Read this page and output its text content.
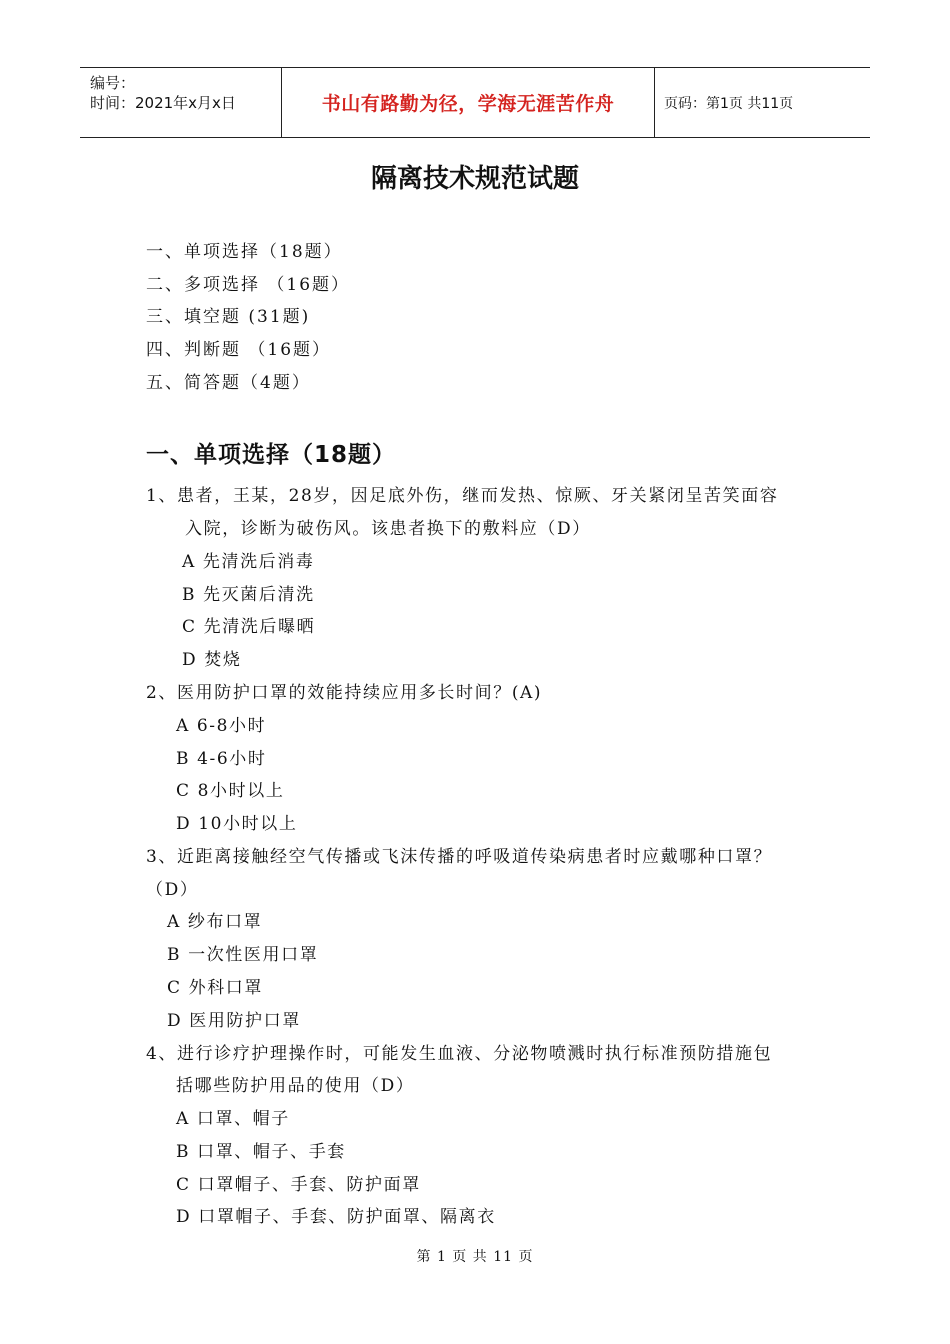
编号：
时间：2021年x月x日	书山有路勤为径，学海无涯苦作舟	页码：第1页 共11页
隔离技术规范试题
一、单项选择（18题）
二、多项选择 （16题）
三、填空题 (31题)
四、判断题 （16题）
五、简答题（4题）
一、单项选择（18题）
1、患者，王某，28岁，因足底外伤，继而发热、惊厥、牙关紧闭呈苦笑面容
入院，诊断为破伤风。该患者换下的敷料应（D）
A 先清洗后消毒
B 先灭菌后清洗
C 先清洗后曝晒
D 焚烧
2、医用防护口罩的效能持续应用多长时间？(A)
A 6-8小时
B 4-6小时
C 8小时以上
D 10小时以上
3、近距离接触经空气传播或飞沫传播的呼吸道传染病患者时应戴哪种口罩？
（D）
A 纱布口罩
B 一次性医用口罩
C 外科口罩
D 医用防护口罩
4、进行诊疗护理操作时，可能发生血液、分泌物喷溅时执行标准预防措施包
括哪些防护用品的使用（D）
A 口罩、帽子
B 口罩、帽子、手套
C 口罩帽子、手套、防护面罩
D 口罩帽子、手套、防护面罩、隔离衣
第 1 页 共 11 页
